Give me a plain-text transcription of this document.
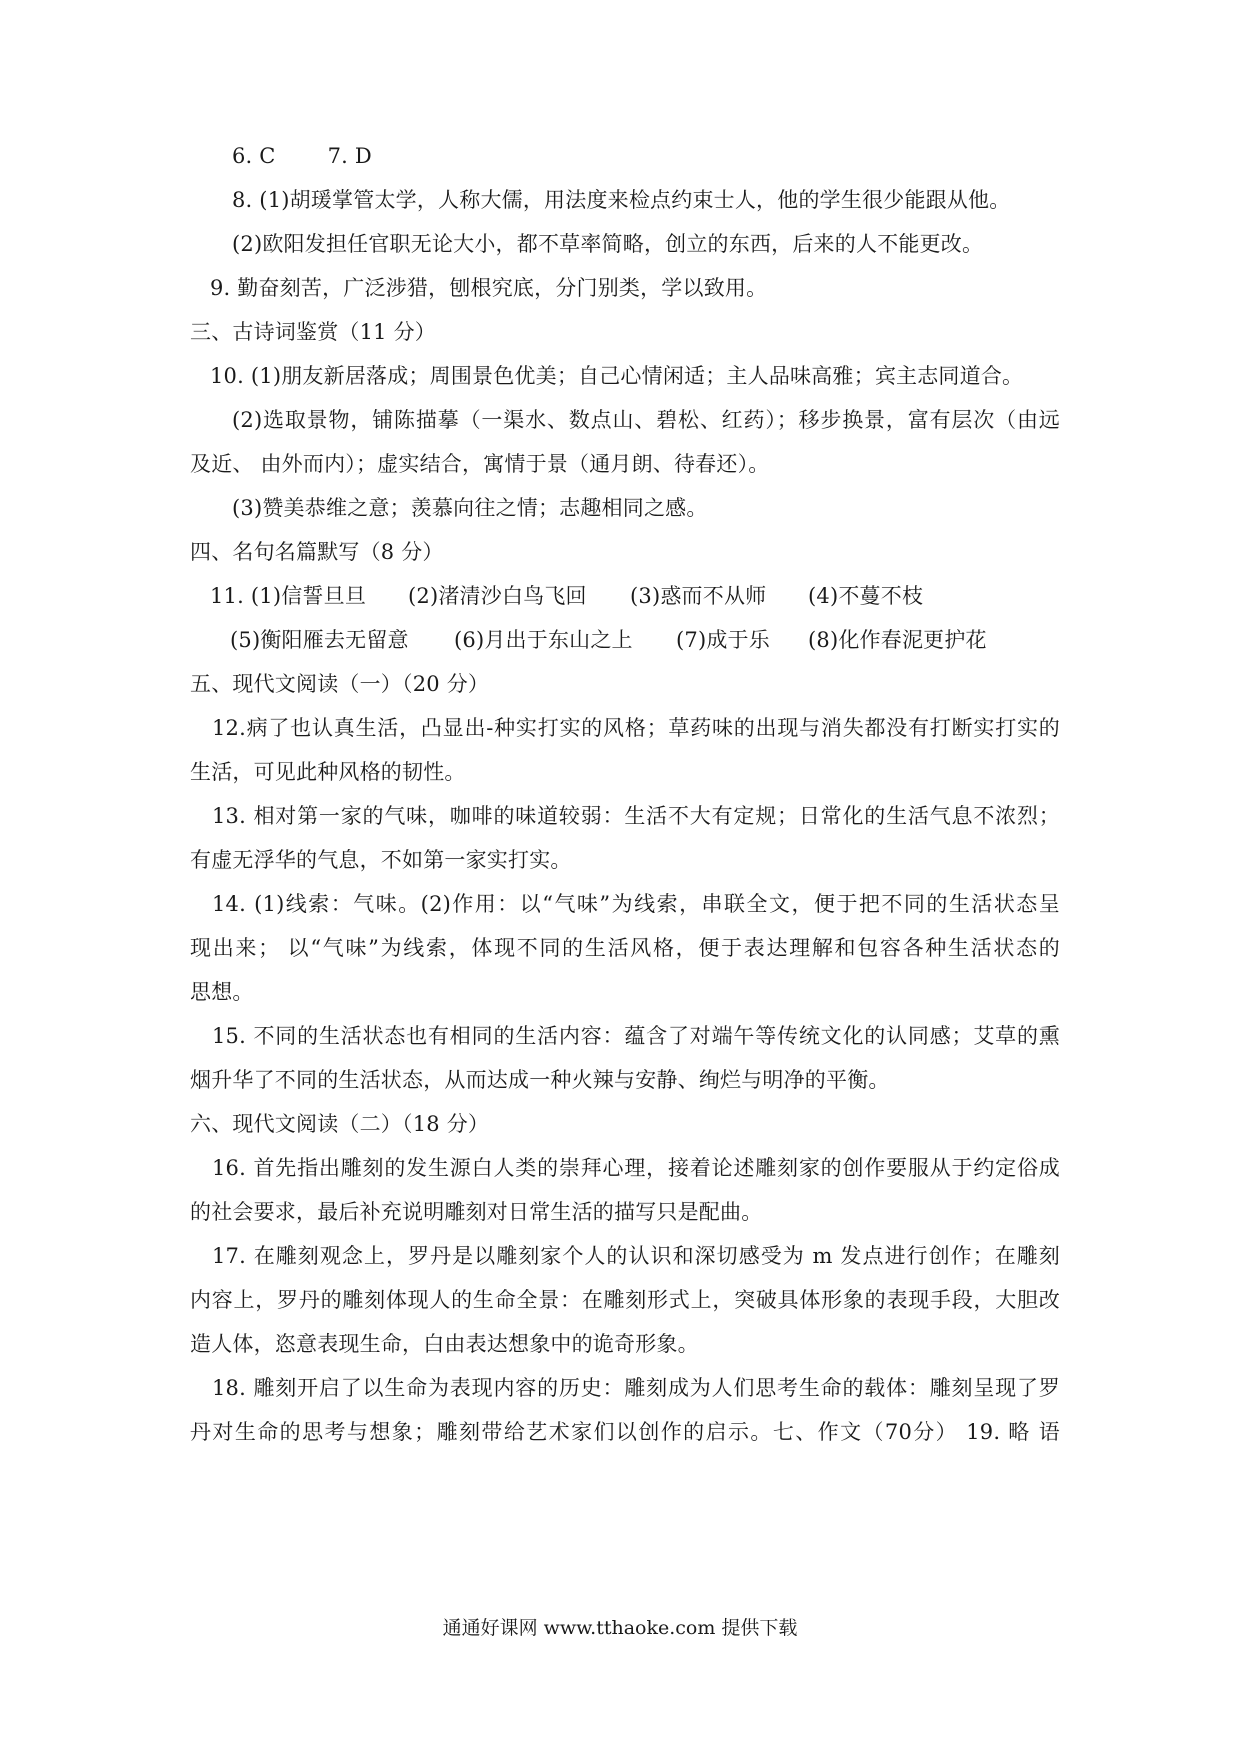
6. C 7. D
8. (1)胡瑗掌管太学，人称大儒，用法度来检点约束士人，他的学生很少能跟从他。
(2)欧阳发担任官职无论大小，都不草率简略，创立的东西，后来的人不能更改。
9. 勤奋刻苦，广泛涉猎，刨根究底，分门别类，学以致用。
三、古诗词鉴赏（11 分）
10. (1)朋友新居落成；周围景色优美；自己心情闲适；主人品味高雅；宾主志同道合。
(2)选取景物，铺陈描摹（一渠水、数点山、碧松、红药）；移步换景，富有层次（由远
及近、 由外而内）；虚实结合，寓情于景（通月朗、待春还）。
(3)赞美恭维之意；羡慕向往之情；志趣相同之感。
四、名句名篇默写（8 分）
11. (1)信誓旦旦 (2)渚清沙白鸟飞回 (3)惑而不从师 (4)不蔓不枝
(5)衡阳雁去无留意 (6)月出于东山之上 (7)成于乐 (8)化作春泥更护花
五、现代文阅读（一）（20 分）
12.病了也认真生活，凸显出-种实打实的风格；草药味的出现与消失都没有打断实打实的
生活，可见此种风格的韧性。
13. 相对第一家的气味，咖啡的味道较弱：生活不大有定规；日常化的生活气息不浓烈；
有虚无浮华的气息，不如第一家实打实。
14. (1)线索：气味。(2)作用：以“气味”为线索，串联全文，便于把不同的生活状态呈
现出来； 以“气味”为线索，体现不同的生活风格，便于表达理解和包容各种生活状态的
思想。
15. 不同的生活状态也有相同的生活内容：蕴含了对端午等传统文化的认同感；艾草的熏
烟升华了不同的生活状态，从而达成一种火辣与安静、绚烂与明净的平衡。
六、现代文阅读（二）（18 分）
16. 首先指出雕刻的发生源白人类的崇拜心理，接着论述雕刻家的创作要服从于约定俗成
的社会要求，最后补充说明雕刻对日常生活的描写只是配曲。
17. 在雕刻观念上，罗丹是以雕刻家个人的认识和深切感受为 m 发点进行创作；在雕刻
内容上，罗丹的雕刻体现人的生命全景：在雕刻形式上，突破具体形象的表现手段，大胆改
造人体，恣意表现生命，白由表达想象中的诡奇形象。
18. 雕刻开启了以生命为表现内容的历史：雕刻成为人们思考生命的载体：雕刻呈现了罗
丹对生命的思考与想象；雕刻带给艺术家们以创作的启示。七、作文（70分） 19. 略 语
通通好课网 www.tthaoke.com 提供下载
